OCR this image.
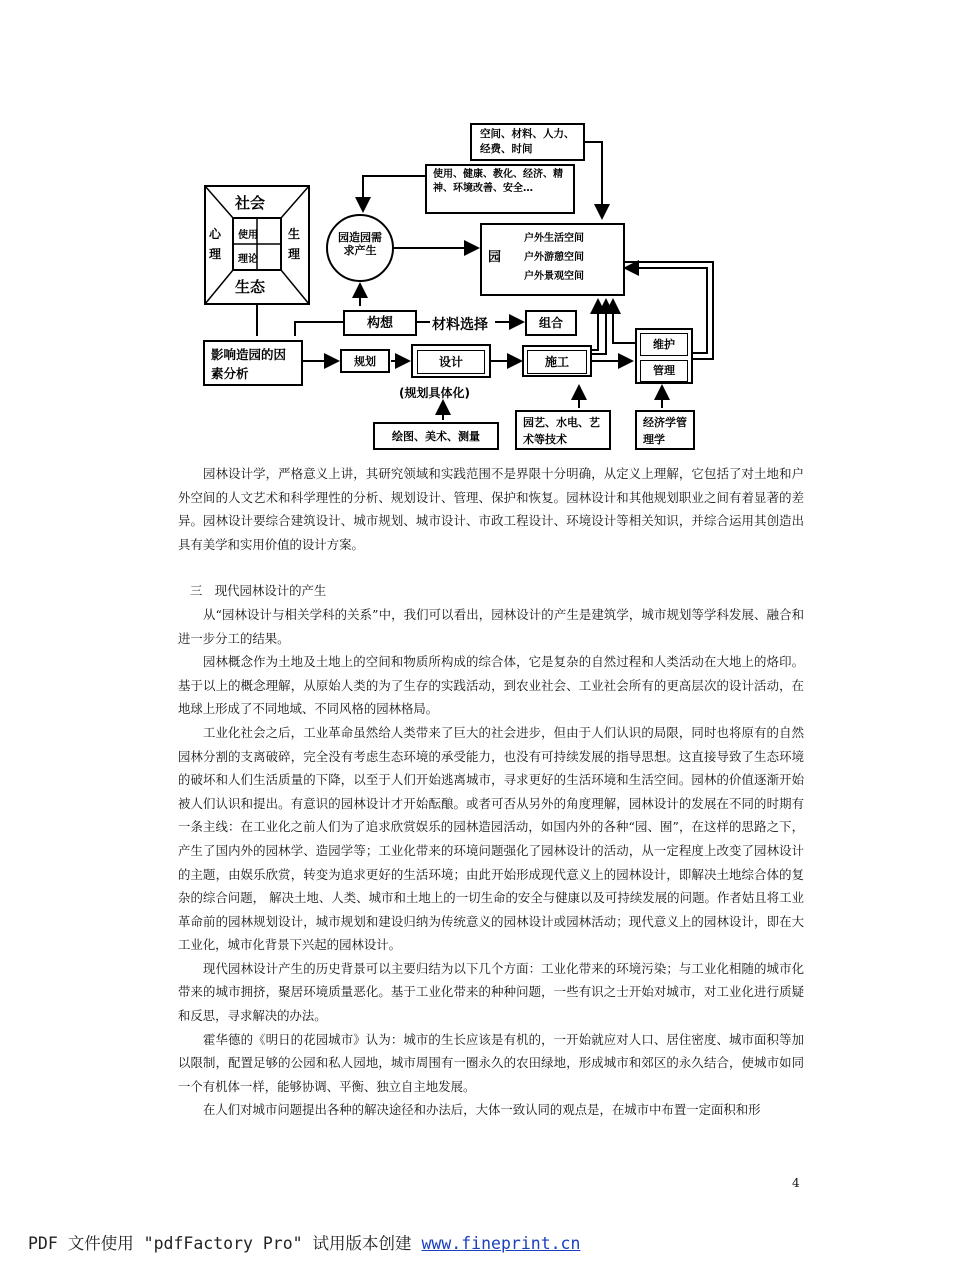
空间、材料、人力、经费、时间
使用、健康、教化、经济、精神、环境改善、安全…
社会
心理
生理
生态
使用
理论
园造园需求产生	园
户外生活空间
户外游憩空间
户外景观空间
构想	材料选择	组合
影响造园的因素分析
规划	设计
(规划具体化)
施工
维护
管理
绘图、美术、测量
园艺、水电、艺术等技术
经济学管理学

园林设计学，严格意义上讲，其研究领域和实践范围不是界限十分明确，从定义上理解，它包括了对土地和户外空间的人文艺术和科学理性的分析、规划设计、管理、保护和恢复。园林设计和其他规划职业之间有着显著的差异。园林设计要综合建筑设计、城市规划、城市设计、市政工程设计、环境设计等相关知识，并综合运用其创造出具有美学和实用价值的设计方案。

三　现代园林设计的产生

从“园林设计与相关学科的关系”中，我们可以看出，园林设计的产生是建筑学，城市规划等学科发展、融合和进一步分工的结果。

园林概念作为土地及土地上的空间和物质所构成的综合体，它是复杂的自然过程和人类活动在大地上的烙印。基于以上的概念理解，从原始人类的为了生存的实践活动，到农业社会、工业社会所有的更高层次的设计活动，在地球上形成了不同地域、不同风格的园林格局。

工业化社会之后，工业革命虽然给人类带来了巨大的社会进步，但由于人们认识的局限，同时也将原有的自然园林分割的支离破碎，完全没有考虑生态环境的承受能力，也没有可持续发展的指导思想。这直接导致了生态环境的破坏和人们生活质量的下降，以至于人们开始逃离城市，寻求更好的生活环境和生活空间。园林的价值逐渐开始被人们认识和提出。有意识的园林设计才开始酝酿。或者可否从另外的角度理解，园林设计的发展在不同的时期有一条主线：在工业化之前人们为了追求欣赏娱乐的园林造园活动，如国内外的各种“园、囿”，在这样的思路之下，产生了国内外的园林学、造园学等；工业化带来的环境问题强化了园林设计的活动，从一定程度上改变了园林设计的主题，由娱乐欣赏，转变为追求更好的生活环境；由此开始形成现代意义上的园林设计，即解决土地综合体的复杂的综合问题， 解决土地、人类、城市和土地上的一切生命的安全与健康以及可持续发展的问题。作者姑且将工业革命前的园林规划设计，城市规划和建设归纳为传统意义的园林设计或园林活动；现代意义上的园林设计，即在大工业化，城市化背景下兴起的园林设计。

现代园林设计产生的历史背景可以主要归结为以下几个方面：工业化带来的环境污染；与工业化相随的城市化带来的城市拥挤，聚居环境质量恶化。基于工业化带来的种种问题，一些有识之士开始对城市，对工业化进行质疑和反思，寻求解决的办法。

霍华德的《明日的花园城市》认为：城市的生长应该是有机的，一开始就应对人口、居住密度、城市面积等加以限制，配置足够的公园和私人园地，城市周围有一圈永久的农田绿地，形成城市和郊区的永久结合，使城市如同一个有机体一样，能够协调、平衡、独立自主地发展。

在人们对城市问题提出各种的解决途径和办法后，大体一致认同的观点是，在城市中布置一定面积和形

4
PDF 文件使用 "pdfFactory Pro" 试用版本创建 www.fineprint.cn
